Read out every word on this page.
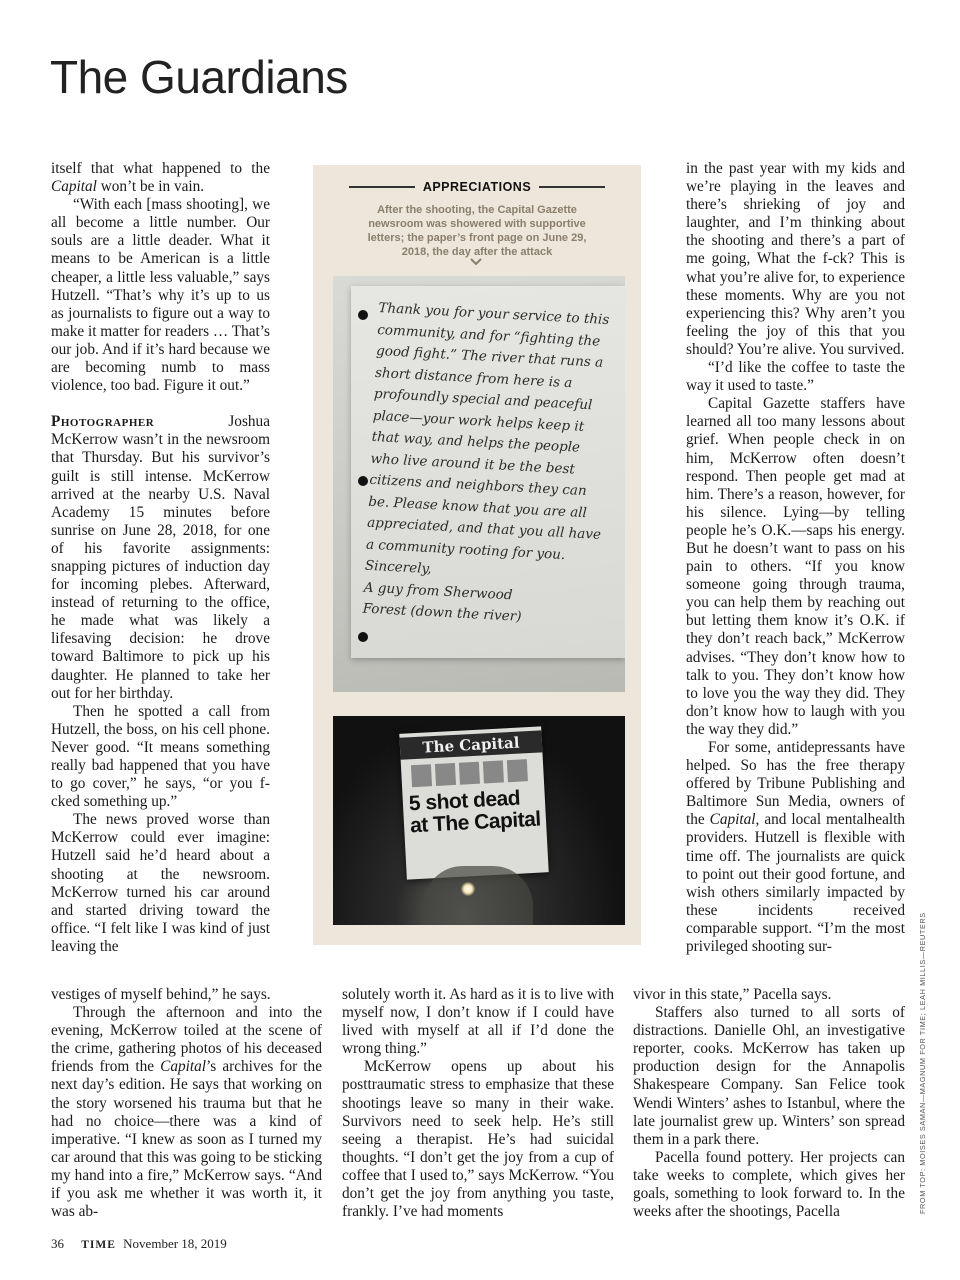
The Guardians

itself that what happened to the Capital won’t be in vain.

“With each [mass shooting], we all become a little number. Our souls are a little deader. What it means to be American is a little cheaper, a little less valuable,” says Hutzell. “That’s why it’s up to us as journalists to figure out a way to make it matter for readers … That’s our job. And if it’s hard because we are becoming numb to mass violence, too bad. Figure it out.”

Photographer Joshua McKerrow wasn’t in the newsroom that Thursday. But his survivor’s guilt is still intense. McKerrow arrived at the nearby U.S. Naval Academy 15 minutes before sunrise on June 28, 2018, for one of his favorite assignments: snapping pictures of induction day for incoming plebes. Afterward, instead of returning to the office, he made what was likely a lifesaving decision: he drove toward Baltimore to pick up his daughter. He planned to take her out for her birthday.

Then he spotted a call from Hutzell, the boss, on his cell phone. Never good. “It means something really bad happened that you have to go cover,” he says, “or you f-cked something up.”

The news proved worse than McKerrow could ever imagine: Hutzell said he’d heard about a shooting at the newsroom. McKerrow turned his car around and started driving toward the office. “I felt like I was kind of just leaving the

APPRECIATIONS
After the shooting, the Capital Gazette newsroom was showered with supportive letters; the paper’s front page on June 29, 2018, the day after the attack
Thank you for your service to this community, and for “fighting the good fight.” The river that runs a short distance from here is a profoundly special and peaceful place—your work helps keep it that way, and helps the people who live around it be the best citizens and neighbors they can be. Please know that you are all appreciated, and that you all have a community rooting for you.
Sincerely,
A guy from Sherwood
Forest (down the river)
The Capital
5 shot dead at The Capital

in the past year with my kids and we’re playing in the leaves and there’s shrieking of joy and laughter, and I’m thinking about the shooting and there’s a part of me going, What the f-ck? This is what you’re alive for, to experience these moments. Why are you not experiencing this? Why aren’t you feeling the joy of this that you should? You’re alive. You survived.

“I’d like the coffee to taste the way it used to taste.”

Capital Gazette staffers have learned all too many lessons about grief. When people check in on him, McKerrow often doesn’t respond. Then people get mad at him. There’s a reason, however, for his silence. Lying—by telling people he’s O.K.—saps his energy. But he doesn’t want to pass on his pain to others. “If you know someone going through trauma, you can help them by reaching out but letting them know it’s O.K. if they don’t reach back,” McKerrow advises. “They don’t know how to talk to you. They don’t know how to love you the way they did. They don’t know how to laugh with you the way they did.”

For some, antidepressants have helped. So has the free therapy offered by Tribune Publishing and Baltimore Sun Media, owners of the Capital, and local mentalhealth providers. Hutzell is flexible with time off. The journalists are quick to point out their good fortune, and wish others similarly impacted by these incidents received comparable support. “I’m the most privileged shooting sur-

vestiges of myself behind,” he says.

Through the afternoon and into the evening, McKerrow toiled at the scene of the crime, gathering photos of his deceased friends from the Capital’s archives for the next day’s edition. He says that working on the story worsened his trauma but that he had no choice—there was a kind of imperative. “I knew as soon as I turned my car around that this was going to be sticking my hand into a fire,” McKerrow says. “And if you ask me whether it was worth it, it was ab-

solutely worth it. As hard as it is to live with myself now, I don’t know if I could have lived with myself at all if I’d done the wrong thing.”

McKerrow opens up about his posttraumatic stress to emphasize that these shootings leave so many in their wake. Survivors need to seek help. He’s still seeing a therapist. He’s had suicidal thoughts. “I don’t get the joy from a cup of coffee that I used to,” says McKerrow. “You don’t get the joy from anything you taste, frankly. I’ve had moments

vivor in this state,” Pacella says.

Staffers also turned to all sorts of distractions. Danielle Ohl, an investigative reporter, cooks. McKerrow has taken up production design for the Annapolis Shakespeare Company. San Felice took Wendi Winters’ ashes to Istanbul, where the late journalist grew up. Winters’ son spread them in a park there.

Pacella found pottery. Her projects can take weeks to complete, which gives her goals, something to look forward to. In the weeks after the shootings, Pacella

36 TIME November 18, 2019
FROM TOP: MOISES SAMAN—MAGNUM FOR TIME; LEAH MILLIS—REUTERS
